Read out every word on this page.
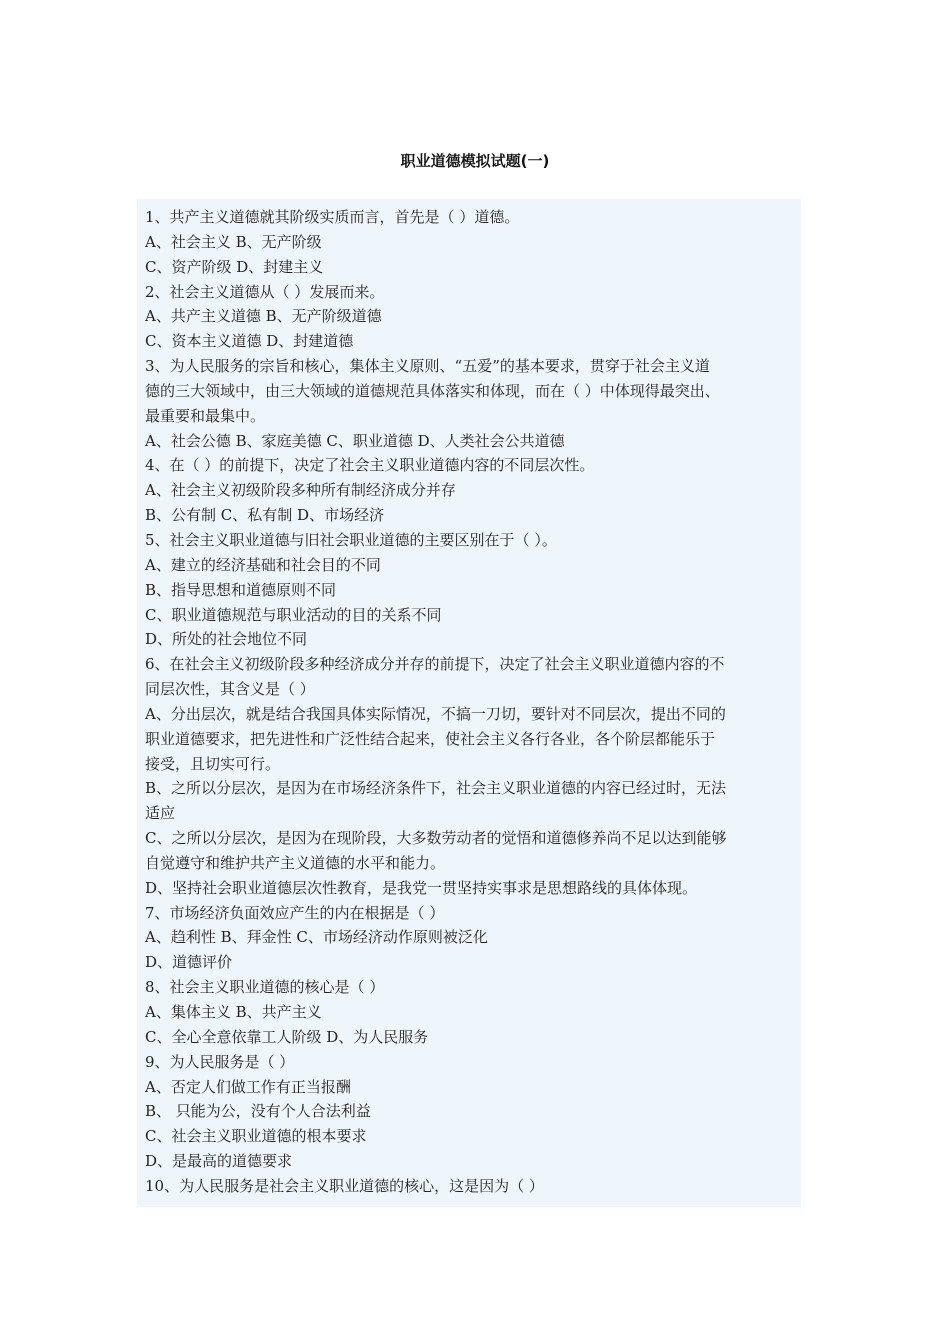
职业道德模拟试题(一)
1、共产主义道德就其阶级实质而言，首先是（ ）道德。
A、社会主义 B、无产阶级
C、资产阶级 D、封建主义
2、社会主义道德从（ ）发展而来。
A、共产主义道德 B、无产阶级道德
C、资本主义道德 D、封建道德
3、为人民服务的宗旨和核心，集体主义原则、“五爱”的基本要求，贯穿于社会主义道
德的三大领域中，由三大领域的道德规范具体落实和体现，而在（ ）中体现得最突出、
最重要和最集中。
A、社会公德 B、家庭美德 C、职业道德 D、人类社会公共道德
4、在（ ）的前提下，决定了社会主义职业道德内容的不同层次性。
A、社会主义初级阶段多种所有制经济成分并存
B、公有制 C、私有制 D、市场经济
5、社会主义职业道德与旧社会职业道德的主要区别在于（ ）。
A、建立的经济基础和社会目的不同
B、指导思想和道德原则不同
C、职业道德规范与职业活动的目的关系不同
D、所处的社会地位不同
6、在社会主义初级阶段多种经济成分并存的前提下，决定了社会主义职业道德内容的不
同层次性，其含义是（ ）
A、分出层次，就是结合我国具体实际情况，不搞一刀切，要针对不同层次，提出不同的
职业道德要求，把先进性和广泛性结合起来，使社会主义各行各业，各个阶层都能乐于
接受，且切实可行。
B、之所以分层次，是因为在市场经济条件下，社会主义职业道德的内容已经过时，无法
适应
C、之所以分层次，是因为在现阶段，大多数劳动者的觉悟和道德修养尚不足以达到能够
自觉遵守和维护共产主义道德的水平和能力。
D、坚持社会职业道德层次性教育，是我党一贯坚持实事求是思想路线的具体体现。
7、市场经济负面效应产生的内在根据是（ ）
A、趋利性 B、拜金性 C、市场经济动作原则被泛化
D、道德评价
8、社会主义职业道德的核心是（ ）
A、集体主义 B、共产主义
C、全心全意依靠工人阶级 D、为人民服务
9、为人民服务是（ ）
A、否定人们做工作有正当报酬
B、 只能为公，没有个人合法利益
C、社会主义职业道德的根本要求
D、是最高的道德要求
10、为人民服务是社会主义职业道德的核心，这是因为（ ）
